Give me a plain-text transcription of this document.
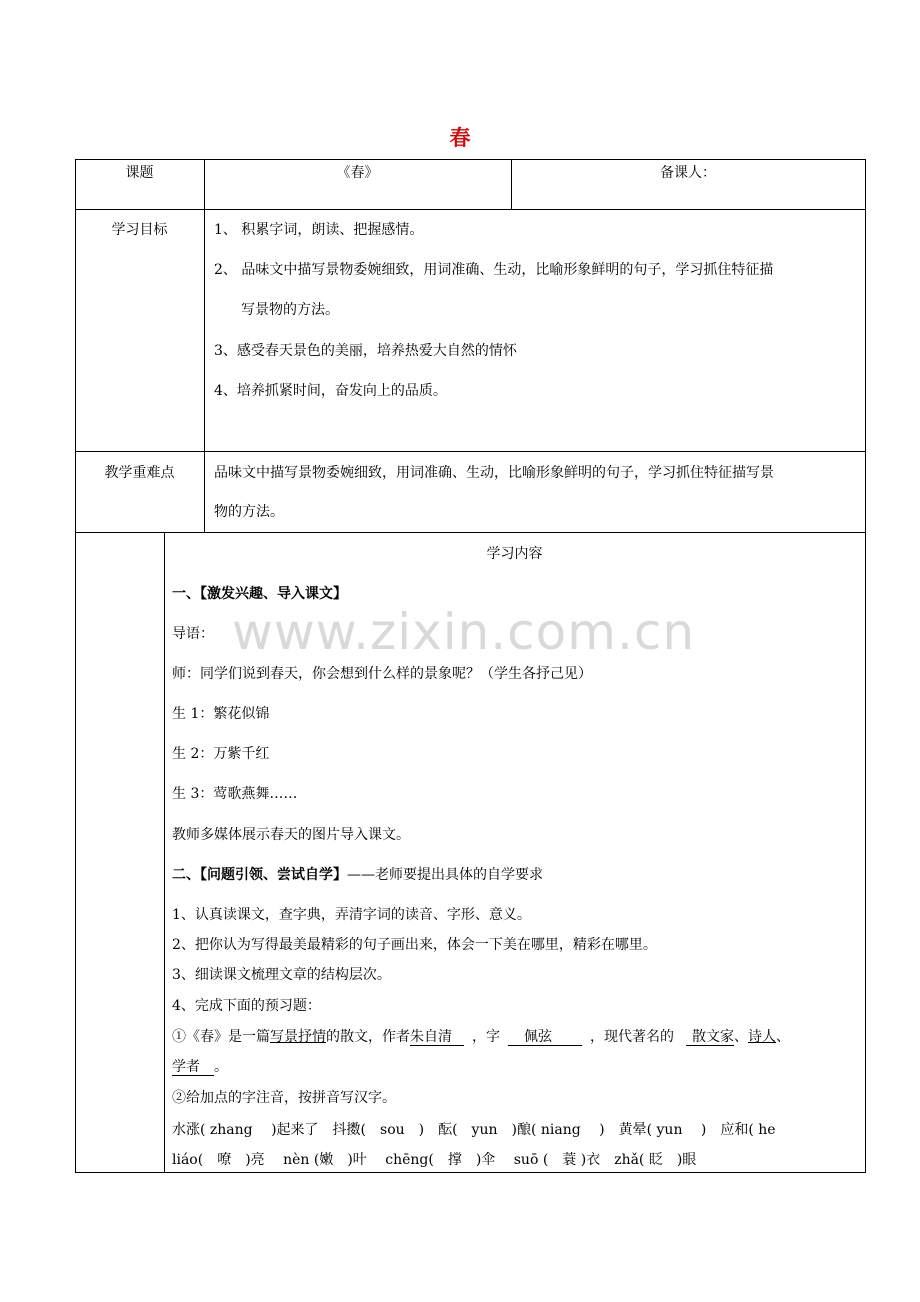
春
www.zixin.com.cn
课题	《春》	备课人：
学习目标	1、 积累字词，朗读、把握感情。
2、 品味文中描写景物委婉细致，用词准确、生动，比喻形象鲜明的句子，学习抓住特征描
写景物的方法。
3、感受春天景色的美丽，培养热爱大自然的情怀
4、培养抓紧时间，奋发向上的品质。
教学重难点	品味文中描写景物委婉细致，用词准确、生动，比喻形象鲜明的句子，学习抓住特征描写景
物的方法。
学习内容
一、【激发兴趣、导入课文】
导语：
师：同学们说到春天，你会想到什么样的景象呢？（学生各抒己见）
生 1：繁花似锦
生 2：万紫千红
生 3：莺歌燕舞……
教师多媒体展示春天的图片导入课文。
二、【问题引领、尝试自学】——老师要提出具体的自学要求
1、认真读课文，查字典，弄清字词的读音、字形、意义。
2、把你认为写得最美最精彩的句子画出来，体会一下美在哪里，精彩在哪里。
3、细读课文梳理文章的结构层次。
4、完成下面的预习题：
①《春》是一篇写景抒情的散文，作者朱自清 ，字 佩弦	，现代著名的 散文家、诗人、
学者 。
②给加点的字注音，按拼音写汉字。
水涨( zhang　 )起来了　抖擞(　sou　)　酝(　yun　)酿( niang　 )　黄晕( yun　 )　应和( he
liáo(　嘹　)亮　 nèn (嫩　)叶　 chēng(　撑　)伞　 suō (　蓑 )衣　zhǎ( 眨　)眼
